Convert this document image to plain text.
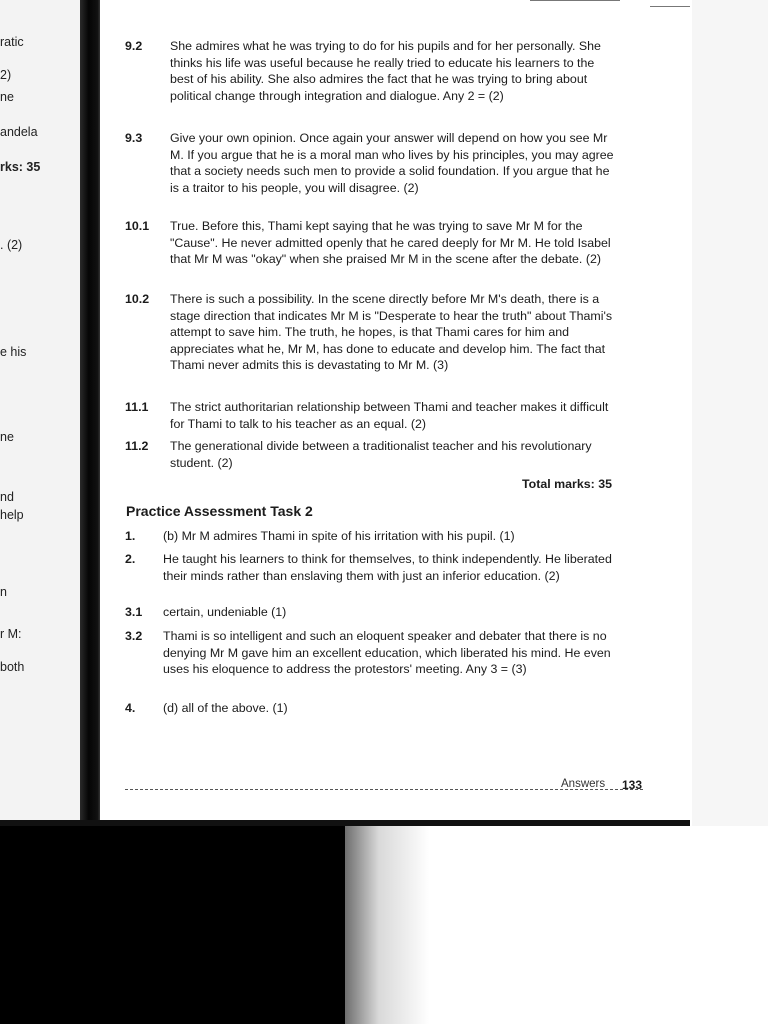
ratic
2)
ne
andela
rks: 35
. (2)
e his
ne
nd
help
n
r M:
both
9.2	She admires what he was trying to do for his pupils and for her personally. She thinks his life was useful because he really tried to educate his learners to the best of his ability. She also admires the fact that he was trying to bring about political change through integration and dialogue. Any 2 = (2)
9.3	Give your own opinion. Once again your answer will depend on how you see Mr M. If you argue that he is a moral man who lives by his principles, you may agree that a society needs such men to provide a solid foundation. If you argue that he is a traitor to his people, you will disagree. (2)
10.1	True. Before this, Thami kept saying that he was trying to save Mr M for the "Cause". He never admitted openly that he cared deeply for Mr M. He told Isabel that Mr M was "okay" when she praised Mr M in the scene after the debate. (2)
10.2	There is such a possibility. In the scene directly before Mr M's death, there is a stage direction that indicates Mr M is "Desperate to hear the truth" about Thami's attempt to save him. The truth, he hopes, is that Thami cares for him and appreciates what he, Mr M, has done to educate and develop him. The fact that Thami never admits this is devastating to Mr M. (3)
11.1	The strict authoritarian relationship between Thami and teacher makes it difficult for Thami to talk to his teacher as an equal. (2)
11.2	The generational divide between a traditionalist teacher and his revolutionary student. (2)
Total marks: 35
Practice Assessment Task 2
1.	(b) Mr M admires Thami in spite of his irritation with his pupil. (1)
2.	He taught his learners to think for themselves, to think independently. He liberated their minds rather than enslaving them with just an inferior education. (2)
3.1	certain, undeniable (1)
3.2	Thami is so intelligent and such an eloquent speaker and debater that there is no denying Mr M gave him an excellent education, which liberated his mind. He even uses his eloquence to address the protestors' meeting. Any 3 = (3)
4.	(d) all of the above. (1)
Answers 133
